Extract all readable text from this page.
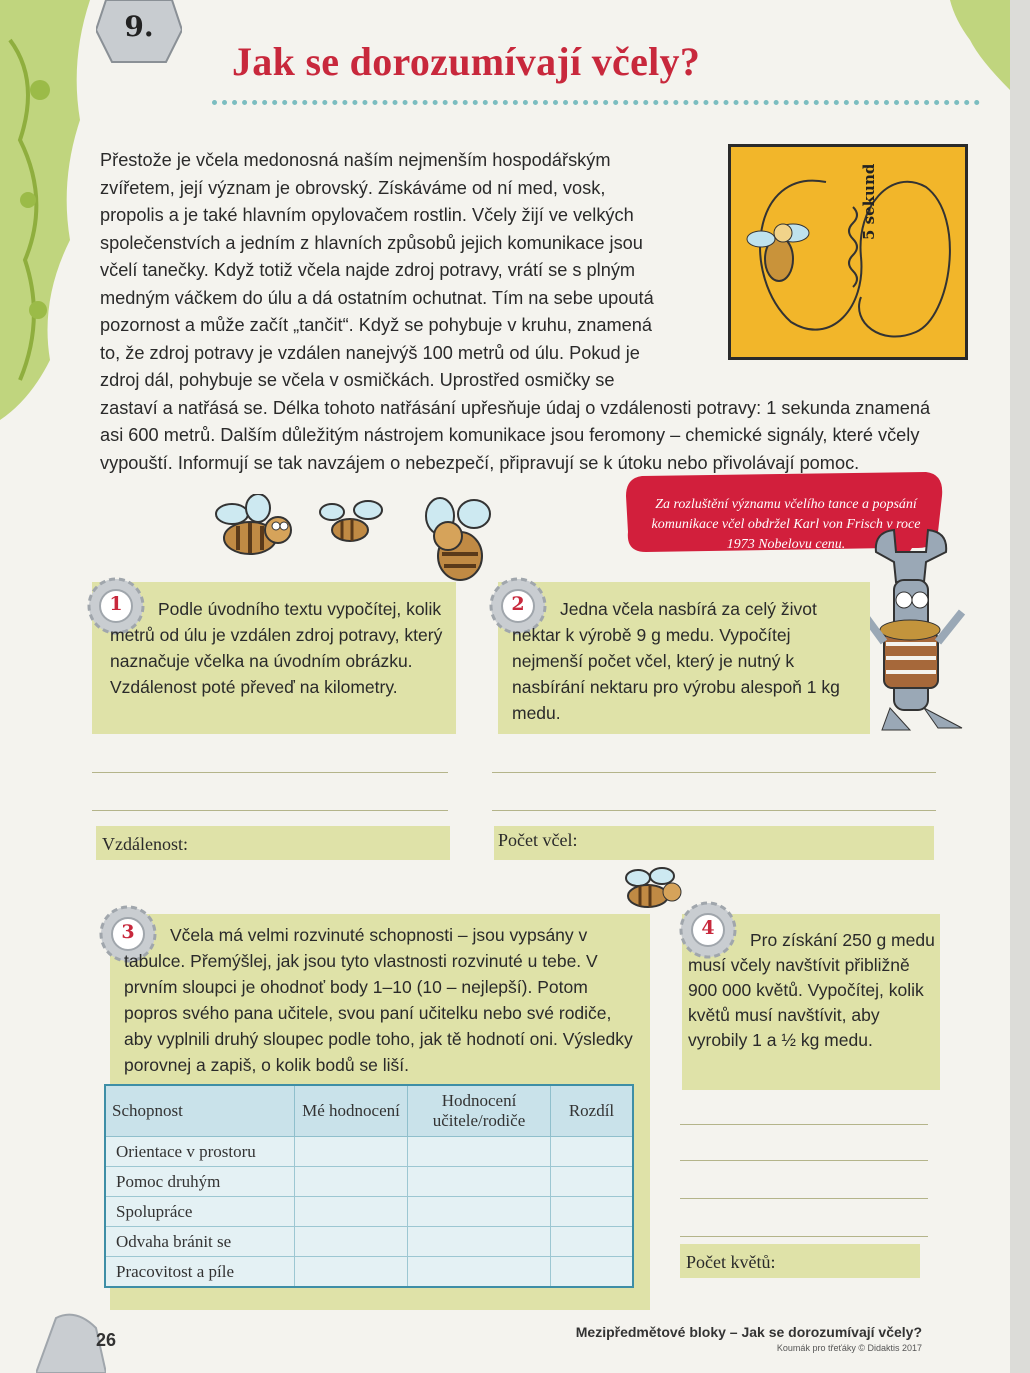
9.
Jak se dorozumívají včely?
5 sekund
Přestože je včela medonosná naším nejmenším hospodářským zvířetem, její význam je obrovský. Získáváme od ní med, vosk, propolis a je také hlavním opylovačem rostlin. Včely žijí ve velkých společenstvích a jedním z hlavních způsobů jejich komunikace jsou včelí tanečky. Když totiž včela najde zdroj potravy, vrátí se s plným medným váčkem do úlu a dá ostatním ochutnat. Tím na sebe upoutá pozornost a může začít „tančit“. Když se pohybuje v kruhu, znamená to, že zdroj potravy je vzdálen nanejvýš 100 metrů od úlu. Pokud je zdroj dál, pohybuje se včela v osmičkách. Uprostřed osmičky se zastaví a natřásá se. Délka tohoto natřásání upřesňuje údaj o vzdálenosti potravy: 1 sekunda znamená asi 600 metrů. Dalším důležitým nástrojem komunikace jsou feromony – chemické signály, které včely vypouští. Informují se tak navzájem o nebezpečí, připravují se k útoku nebo přivolávají pomoc.
Za rozluštění významu včelího tance a popsání komunikace včel obdržel Karl von Frisch v roce 1973 Nobelovu cenu.
1	Podle úvodního textu vypočítej, kolik metrů od úlu je vzdálen zdroj potravy, který naznačuje včelka na úvodním obrázku. Vzdálenost poté převeď na kilometry.
Vzdálenost:
2	Jedna včela nasbírá za celý život nektar k výrobě 9 g medu. Vypočítej nejmenší počet včel, který je nutný k nasbírání nektaru pro výrobu alespoň 1 kg medu.
Počet včel:
3	Včela má velmi rozvinuté schopnosti – jsou vypsány v tabulce. Přemýšlej, jak jsou tyto vlastnosti rozvinuté u tebe. V prvním sloupci je ohodnoť body 1–10 (10 – nejlepší). Potom popros svého pana učitele, svou paní učitelku nebo své rodiče, aby vyplnili druhý sloupec podle toho, jak tě hodnotí oni. Výsledky porovnej a zapiš, o kolik bodů se liší.
Schopnost	Mé hodnocení	Hodnocení učitele/rodiče	Rozdíl
Orientace v prostoru			
Pomoc druhým			
Spolupráce			
Odvaha bránit se			
Pracovitost a píle			
4
Pro získání 250 g medu musí včely navštívit přibližně 900 000 květů. Vypočítej, kolik květů musí navštívit, aby vyrobily 1 a ½ kg medu.
Počet květů:
26	Mezipředmětové bloky – Jak se dorozumívají včely?
Koumák pro třeťáky © Didaktis 2017
